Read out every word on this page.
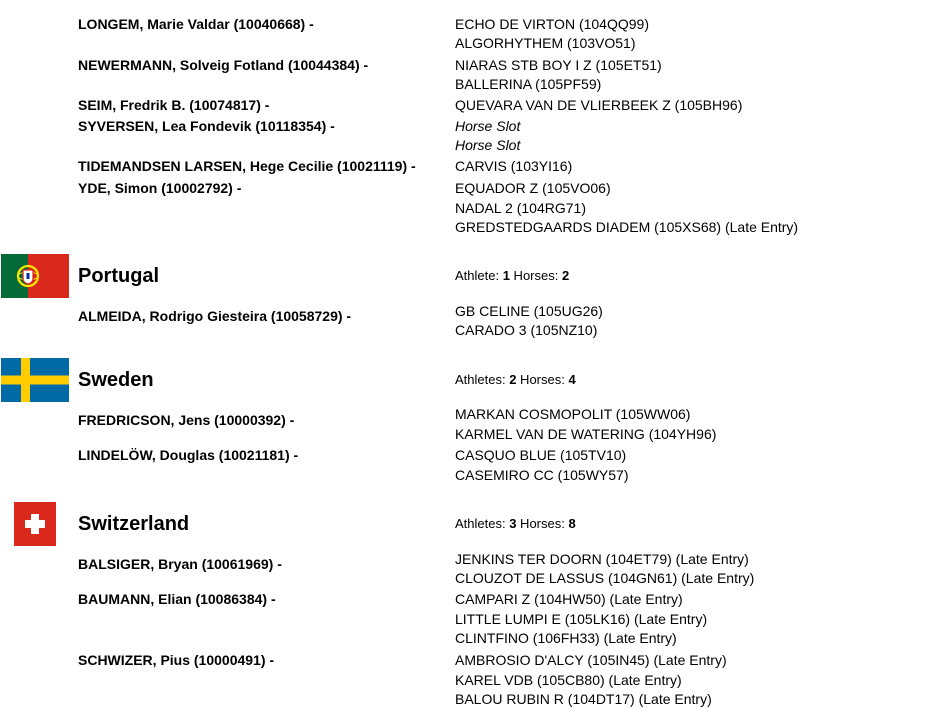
LONGEM, Marie Valdar (10040668) -	ECHO DE VIRTON (104QQ99)
ALGORHYTHEM (103VO51)
NEWERMANN, Solveig Fotland (10044384) -	NIARAS STB BOY I Z (105ET51)
BALLERINA (105PF59)
SEIM, Fredrik B. (10074817) -	QUEVARA VAN DE VLIERBEEK Z (105BH96)
SYVERSEN, Lea Fondevik (10118354) -	Horse Slot
Horse Slot
TIDEMANDSEN LARSEN, Hege Cecilie (10021119) -	CARVIS (103YI16)
YDE, Simon (10002792) -	EQUADOR Z (105VO06)
NADAL 2 (104RG71)
GREDSTEDGAARDS DIADEM (105XS68) (Late Entry)
Portugal	Athlete: 1 Horses: 2
ALMEIDA, Rodrigo Giesteira (10058729) -	GB CELINE (105UG26)
CARADO 3 (105NZ10)
Sweden	Athletes: 2 Horses: 4
FREDRICSON, Jens (10000392) -	MARKAN COSMOPOLIT (105WW06)
KARMEL VAN DE WATERING (104YH96)
LINDELÖW, Douglas (10021181) -	CASQUO BLUE (105TV10)
CASEMIRO CC (105WY57)
Switzerland	Athletes: 3 Horses: 8
BALSIGER, Bryan (10061969) -	JENKINS TER DOORN (104ET79) (Late Entry)
CLOUZOT DE LASSUS (104GN61) (Late Entry)
BAUMANN, Elian (10086384) -	CAMPARI Z (104HW50) (Late Entry)
LITTLE LUMPI E (105LK16) (Late Entry)
CLINTFINO (106FH33) (Late Entry)
SCHWIZER, Pius (10000491) -	AMBROSIO D'ALCY (105IN45) (Late Entry)
KAREL VDB (105CB80) (Late Entry)
BALOU RUBIN R (104DT17) (Late Entry)
